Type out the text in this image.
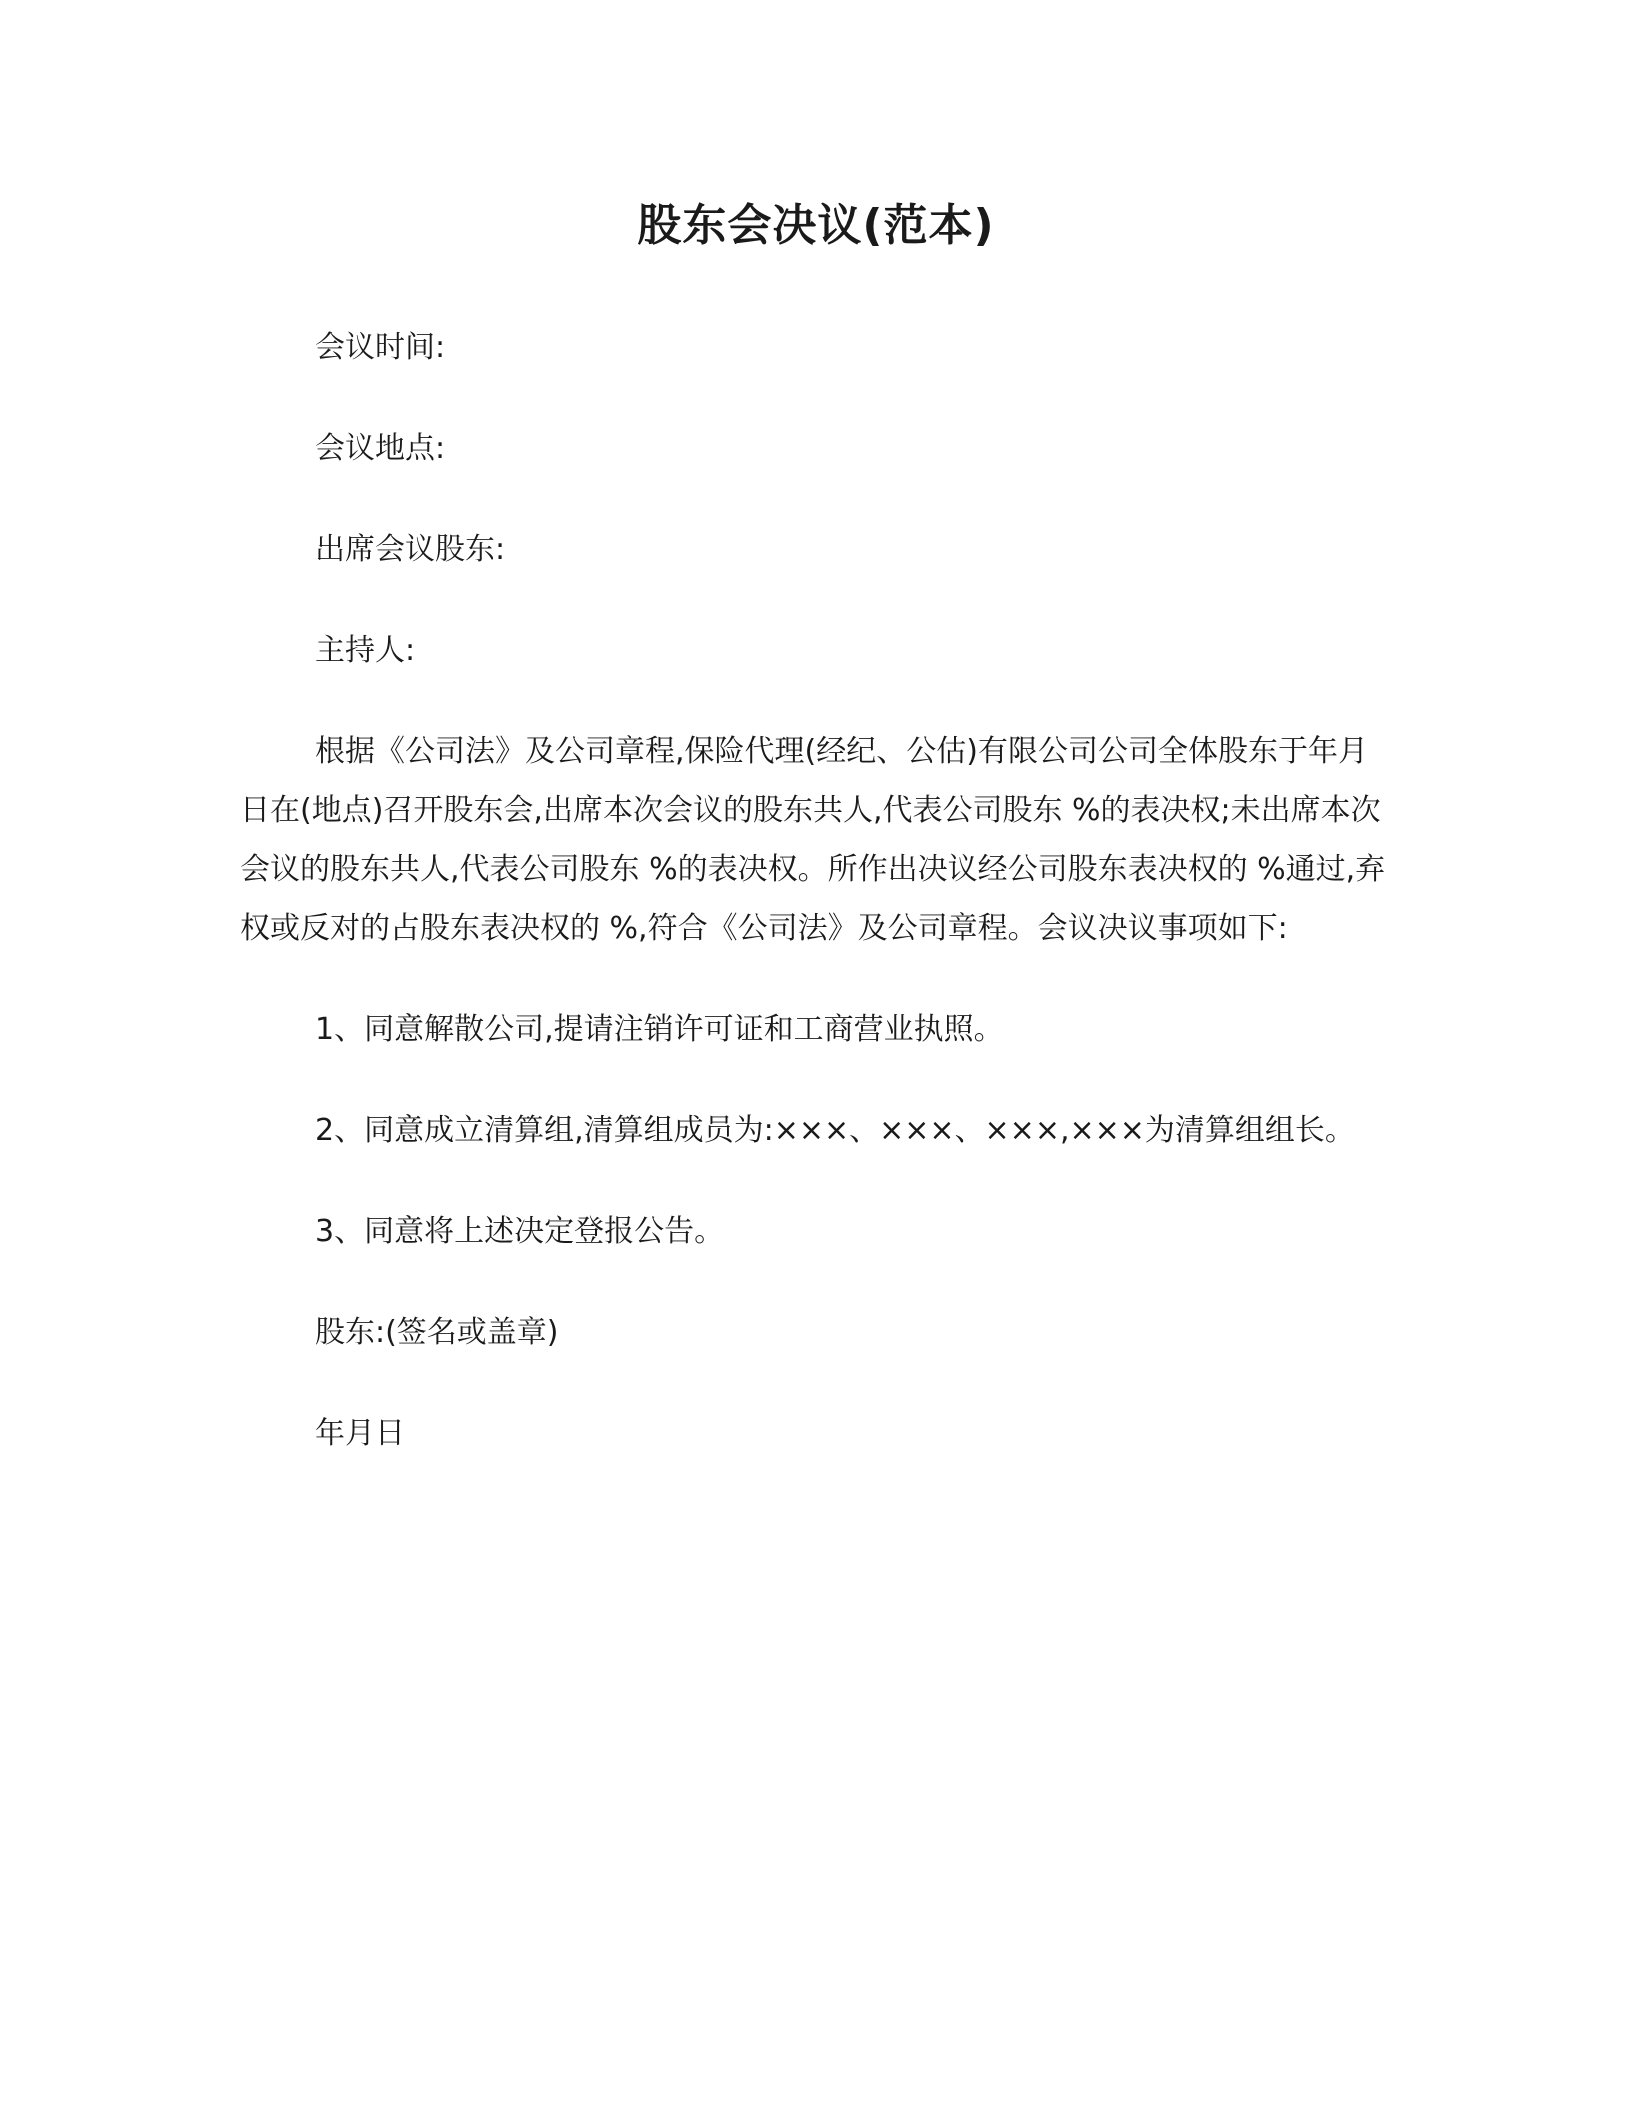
股东会决议(范本)

会议时间:

会议地点:

出席会议股东:

主持人:

根据《公司法》及公司章程,保险代理(经纪、公估)有限公司公司全体股东于年月日在(地点)召开股东会,出席本次会议的股东共人,代表公司股东 %的表决权;未出席本次会议的股东共人,代表公司股东 %的表决权。所作出决议经公司股东表决权的 %通过,弃权或反对的占股东表决权的 %,符合《公司法》及公司章程。会议决议事项如下:

1、同意解散公司,提请注销许可证和工商营业执照。

2、同意成立清算组,清算组成员为:×××、×××、×××,×××为清算组组长。

3、同意将上述决定登报公告。

股东:(签名或盖章)

年月日
